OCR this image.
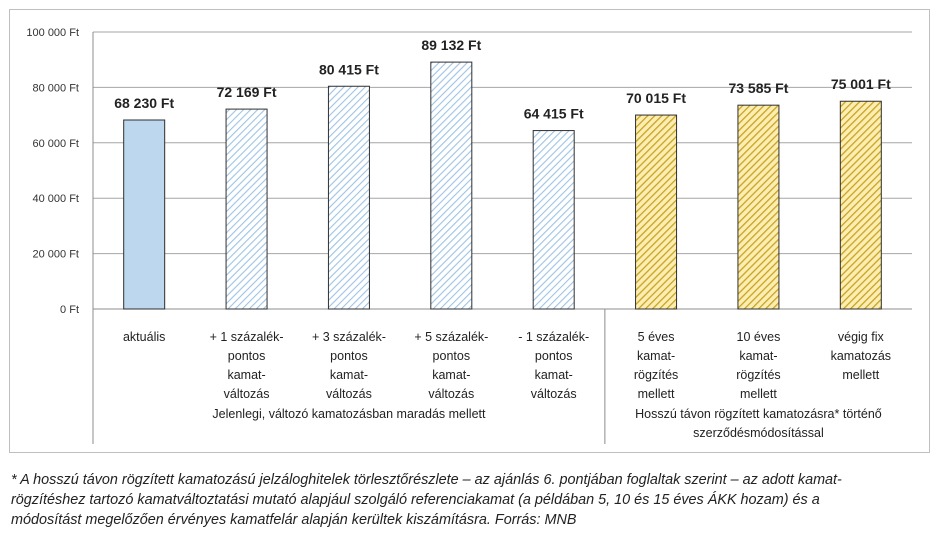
0 Ft
20 000 Ft
40 000 Ft
60 000 Ft
80 000 Ft
100 000 Ft
68 230 Ft
72 169 Ft
80 415 Ft
89 132 Ft
64 415 Ft
70 015 Ft
73 585 Ft	75 001 Ft
aktuális	+ 1 százalék-
pontos
kamat-
változás
+ 3 százalék-
pontos
kamat-
változás
+ 5 százalék-
pontos
kamat-
változás
- 1 százalék-
pontos
kamat-
változás
5 éves
kamat-
rögzítés
mellett
10 éves
kamat-
rögzítés
mellett
végig fix
kamatozás
mellett
Jelenlegi, változó kamatozásban maradás mellett	Hosszú távon rögzített kamatozásra* történő
szerződésmódosítással
* A hosszú távon rögzített kamatozású jelzáloghitelek törlesztőrészlete – az ajánlás 6. pontjában foglaltak szerint – az adott kamat-
rögzítéshez tartozó kamatváltoztatási mutató alapjául szolgáló referenciakamat (a példában 5, 10 és 15 éves ÁKK hozam) és a
módosítást megelőzően érvényes kamatfelár alapján kerültek kiszámításra. Forrás: MNB
